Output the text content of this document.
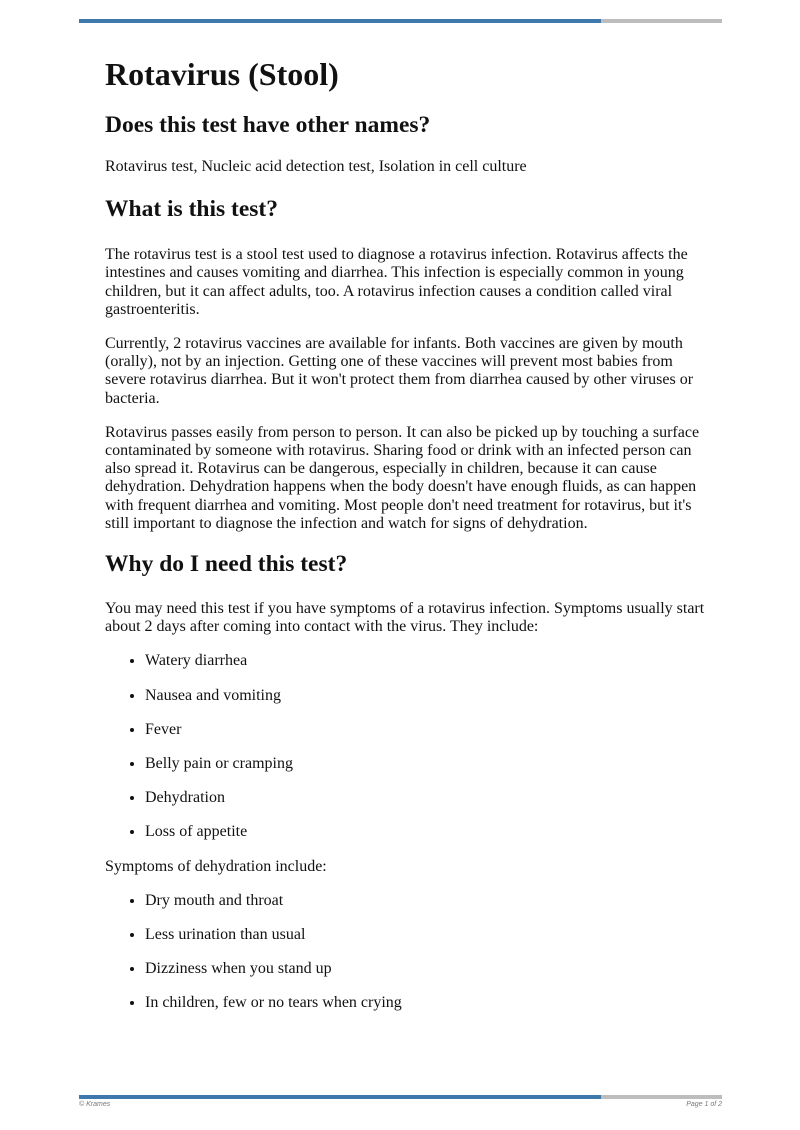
Rotavirus (Stool)
Does this test have other names?

Rotavirus test, Nucleic acid detection test, Isolation in cell culture

What is this test?

The rotavirus test is a stool test used to diagnose a rotavirus infection. Rotavirus affects the intestines and causes vomiting and diarrhea. This infection is especially common in young children, but it can affect adults, too. A rotavirus infection causes a condition called viral gastroenteritis.

Currently, 2 rotavirus vaccines are available for infants. Both vaccines are given by mouth (orally), not by an injection. Getting one of these vaccines will prevent most babies from severe rotavirus diarrhea. But it won't protect them from diarrhea caused by other viruses or bacteria.

Rotavirus passes easily from person to person. It can also be picked up by touching a surface contaminated by someone with rotavirus. Sharing food or drink with an infected person can also spread it. Rotavirus can be dangerous, especially in children, because it can cause dehydration. Dehydration happens when the body doesn't have enough fluids, as can happen with frequent diarrhea and vomiting. Most people don't need treatment for rotavirus, but it's still important to diagnose the infection and watch for signs of dehydration.

Why do I need this test?

You may need this test if you have symptoms of a rotavirus infection. Symptoms usually start about 2 days after coming into contact with the virus. They include:

• Watery diarrhea
• Nausea and vomiting
• Fever
• Belly pain or cramping
• Dehydration
• Loss of appetite

Symptoms of dehydration include:

• Dry mouth and throat
• Less urination than usual
• Dizziness when you stand up
• In children, few or no tears when crying
© Krames	Page 1 of 2
